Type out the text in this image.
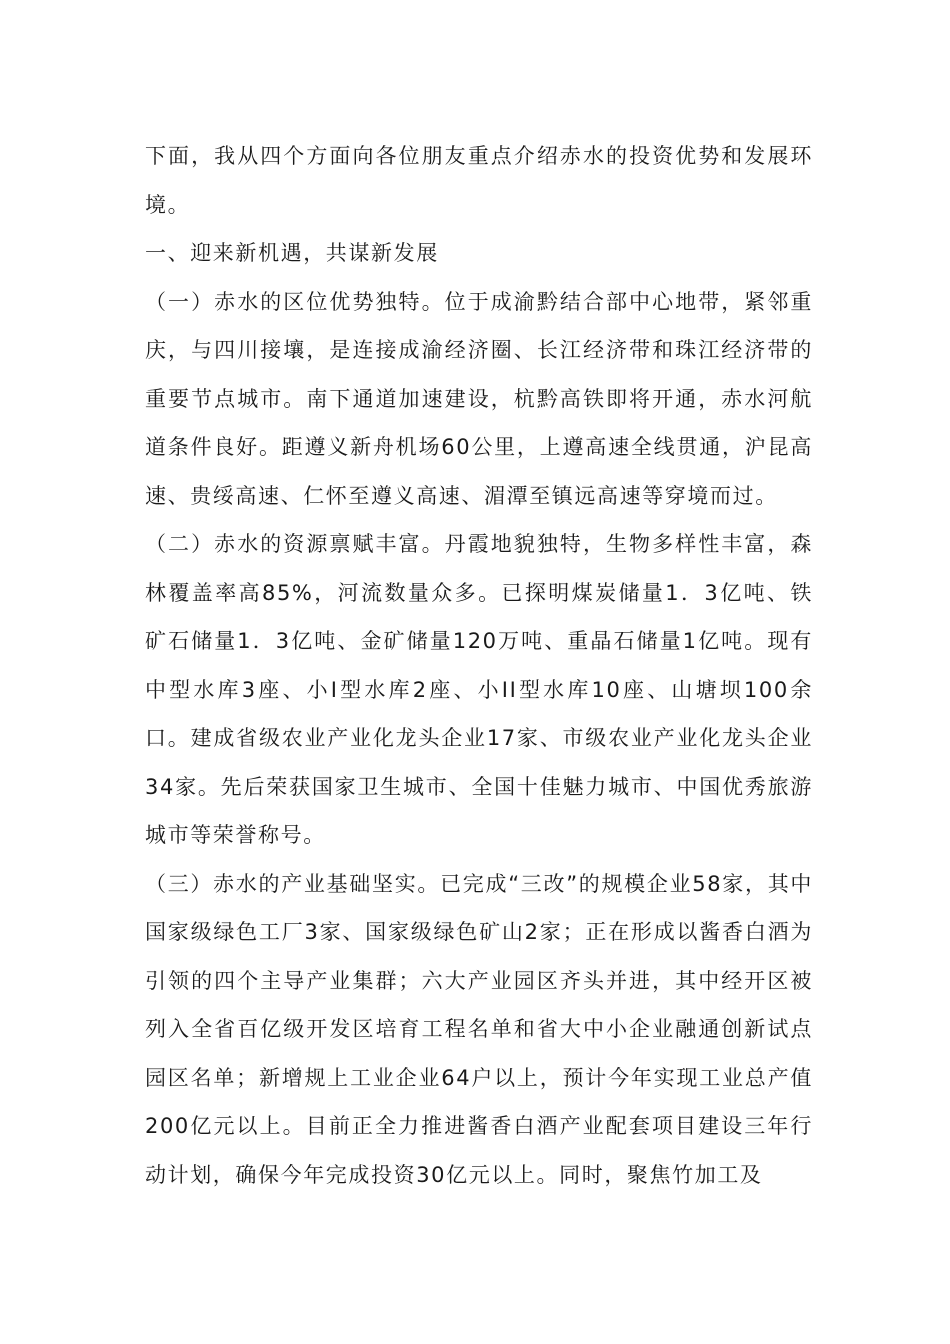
下面，我从四个方面向各位朋友重点介绍赤水的投资优势和发展环境。

一、迎来新机遇，共谋新发展

（一）赤水的区位优势独特。位于成渝黔结合部中心地带，紧邻重庆，与四川接壤，是连接成渝经济圈、长江经济带和珠江经济带的重要节点城市。南下通道加速建设，杭黔高铁即将开通，赤水河航道条件良好。距遵义新舟机场60公里，上遵高速全线贯通，沪昆高速、贵绥高速、仁怀至遵义高速、湄潭至镇远高速等穿境而过。

（二）赤水的资源禀赋丰富。丹霞地貌独特，生物多样性丰富，森林覆盖率高85%，河流数量众多。已探明煤炭储量1．3亿吨、铁矿石储量1．3亿吨、金矿储量120万吨、重晶石储量1亿吨。现有中型水库3座、小I型水库2座、小II型水库10座、山塘坝100余口。建成省级农业产业化龙头企业17家、市级农业产业化龙头企业34家。先后荣获国家卫生城市、全国十佳魅力城市、中国优秀旅游城市等荣誉称号。

（三）赤水的产业基础坚实。已完成“三改”的规模企业58家，其中国家级绿色工厂3家、国家级绿色矿山2家；正在形成以酱香白酒为引领的四个主导产业集群；六大产业园区齐头并进，其中经开区被列入全省百亿级开发区培育工程名单和省大中小企业融通创新试点园区名单；新增规上工业企业64户以上，预计今年实现工业总产值200亿元以上。目前正全力推进酱香白酒产业配套项目建设三年行动计划，确保今年完成投资30亿元以上。同时，聚焦竹加工及
